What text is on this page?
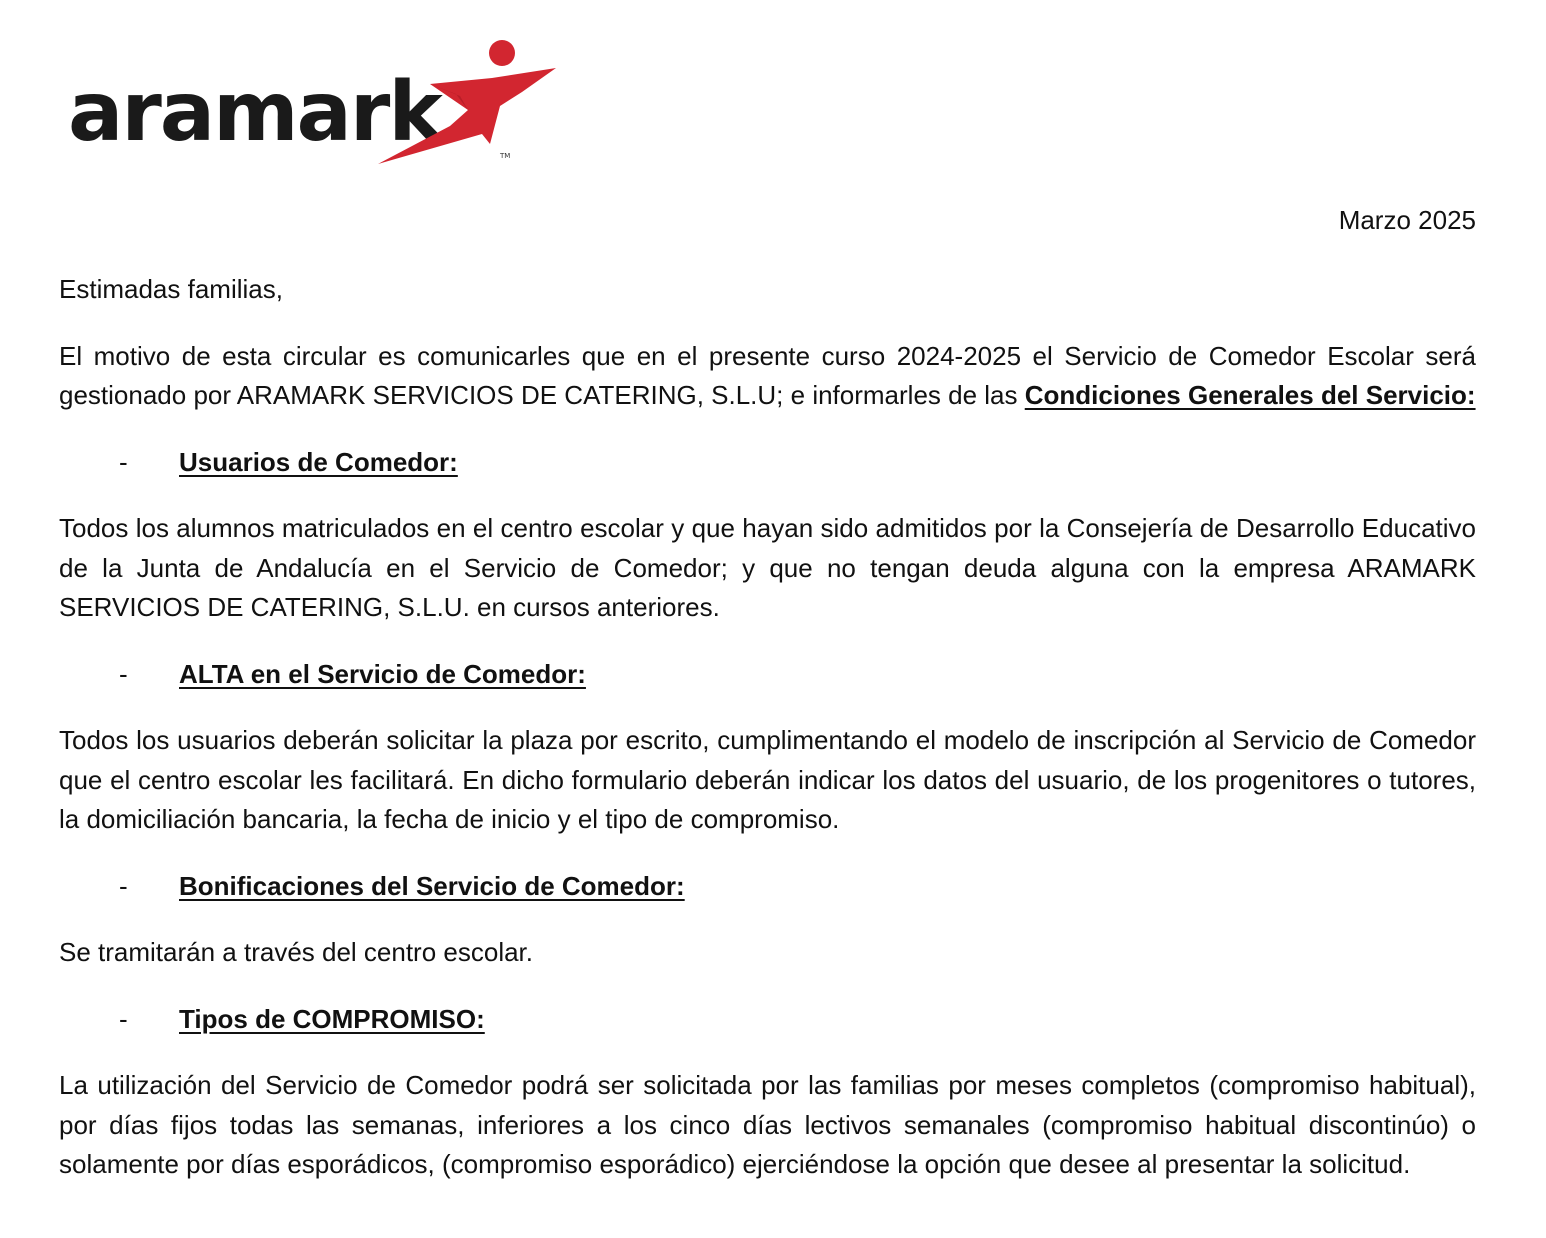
aramark	TM
Marzo 2025

Estimadas familias,

El motivo de esta circular es comunicarles que en el presente curso 2024-2025 el Servicio de Comedor Escolar será gestionado por ARAMARK SERVICIOS DE CATERING, S.L.U; e informarles de las Condiciones Generales del Servicio:

-	Usuarios de Comedor:

Todos los alumnos matriculados en el centro escolar y que hayan sido admitidos por la Consejería de Desarrollo Educativo de la Junta de Andalucía en el Servicio de Comedor; y que no tengan deuda alguna con la empresa ARAMARK SERVICIOS DE CATERING, S.L.U. en cursos anteriores.

-	ALTA en el Servicio de Comedor:

Todos los usuarios deberán solicitar la plaza por escrito, cumplimentando el modelo de inscripción al Servicio de Comedor que el centro escolar les facilitará. En dicho formulario deberán indicar los datos del usuario, de los progenitores o tutores, la domiciliación bancaria, la fecha de inicio y el tipo de compromiso.

-	Bonificaciones del Servicio de Comedor:

Se tramitarán a través del centro escolar.

-	Tipos de COMPROMISO:

La utilización del Servicio de Comedor podrá ser solicitada por las familias por meses completos (compromiso habitual), por días fijos todas las semanas, inferiores a los cinco días lectivos semanales (compromiso habitual discontinúo) o solamente por días esporádicos, (compromiso esporádico) ejerciéndose la opción que desee al presentar la solicitud.
